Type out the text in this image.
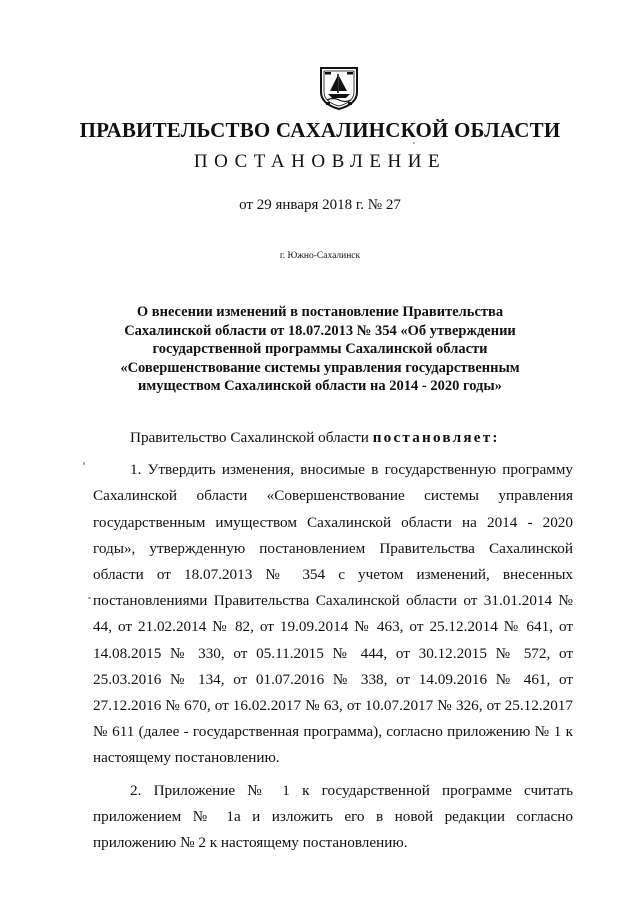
ПРАВИТЕЛЬСТВО САХАЛИНСКОЙ ОБЛАСТИ
ПОСТАНОВЛЕНИЕ
от 29 января 2018 г. № 27
г. Южно-Сахалинск
О внесении изменений в постановление Правительства
Сахалинской области от 18.07.2013 № 354 «Об утверждении
государственной программы Сахалинской области
«Совершенствование системы управления государственным
имуществом Сахалинской области на 2014 - 2020 годы»

Правительство Сахалинской области постановляет:

1. Утвердить изменения, вносимые в государственную программу Сахалинской области «Совершенствование системы управления государственным имуществом Сахалинской области на 2014 - 2020 годы», утвержденную постановлением Правительства Сахалинской области от 18.07.2013 № 354 с учетом изменений, внесенных постановлениями Правительства Сахалинской области от 31.01.2014 № 44, от 21.02.2014 № 82, от 19.09.2014 № 463, от 25.12.2014 № 641, от 14.08.2015 № 330, от 05.11.2015 № 444, от 30.12.2015 № 572, от 25.03.2016 № 134, от 01.07.2016 № 338, от 14.09.2016 № 461, от 27.12.2016 № 670, от 16.02.2017 № 63, от 10.07.2017 № 326, от 25.12.2017 № 611 (далее - государственная программа), согласно приложению № 1 к настоящему постановлению.

2. Приложение № 1 к государственной программе считать приложением № 1а и изложить его в новой редакции согласно приложению № 2 к настоящему постановлению.
